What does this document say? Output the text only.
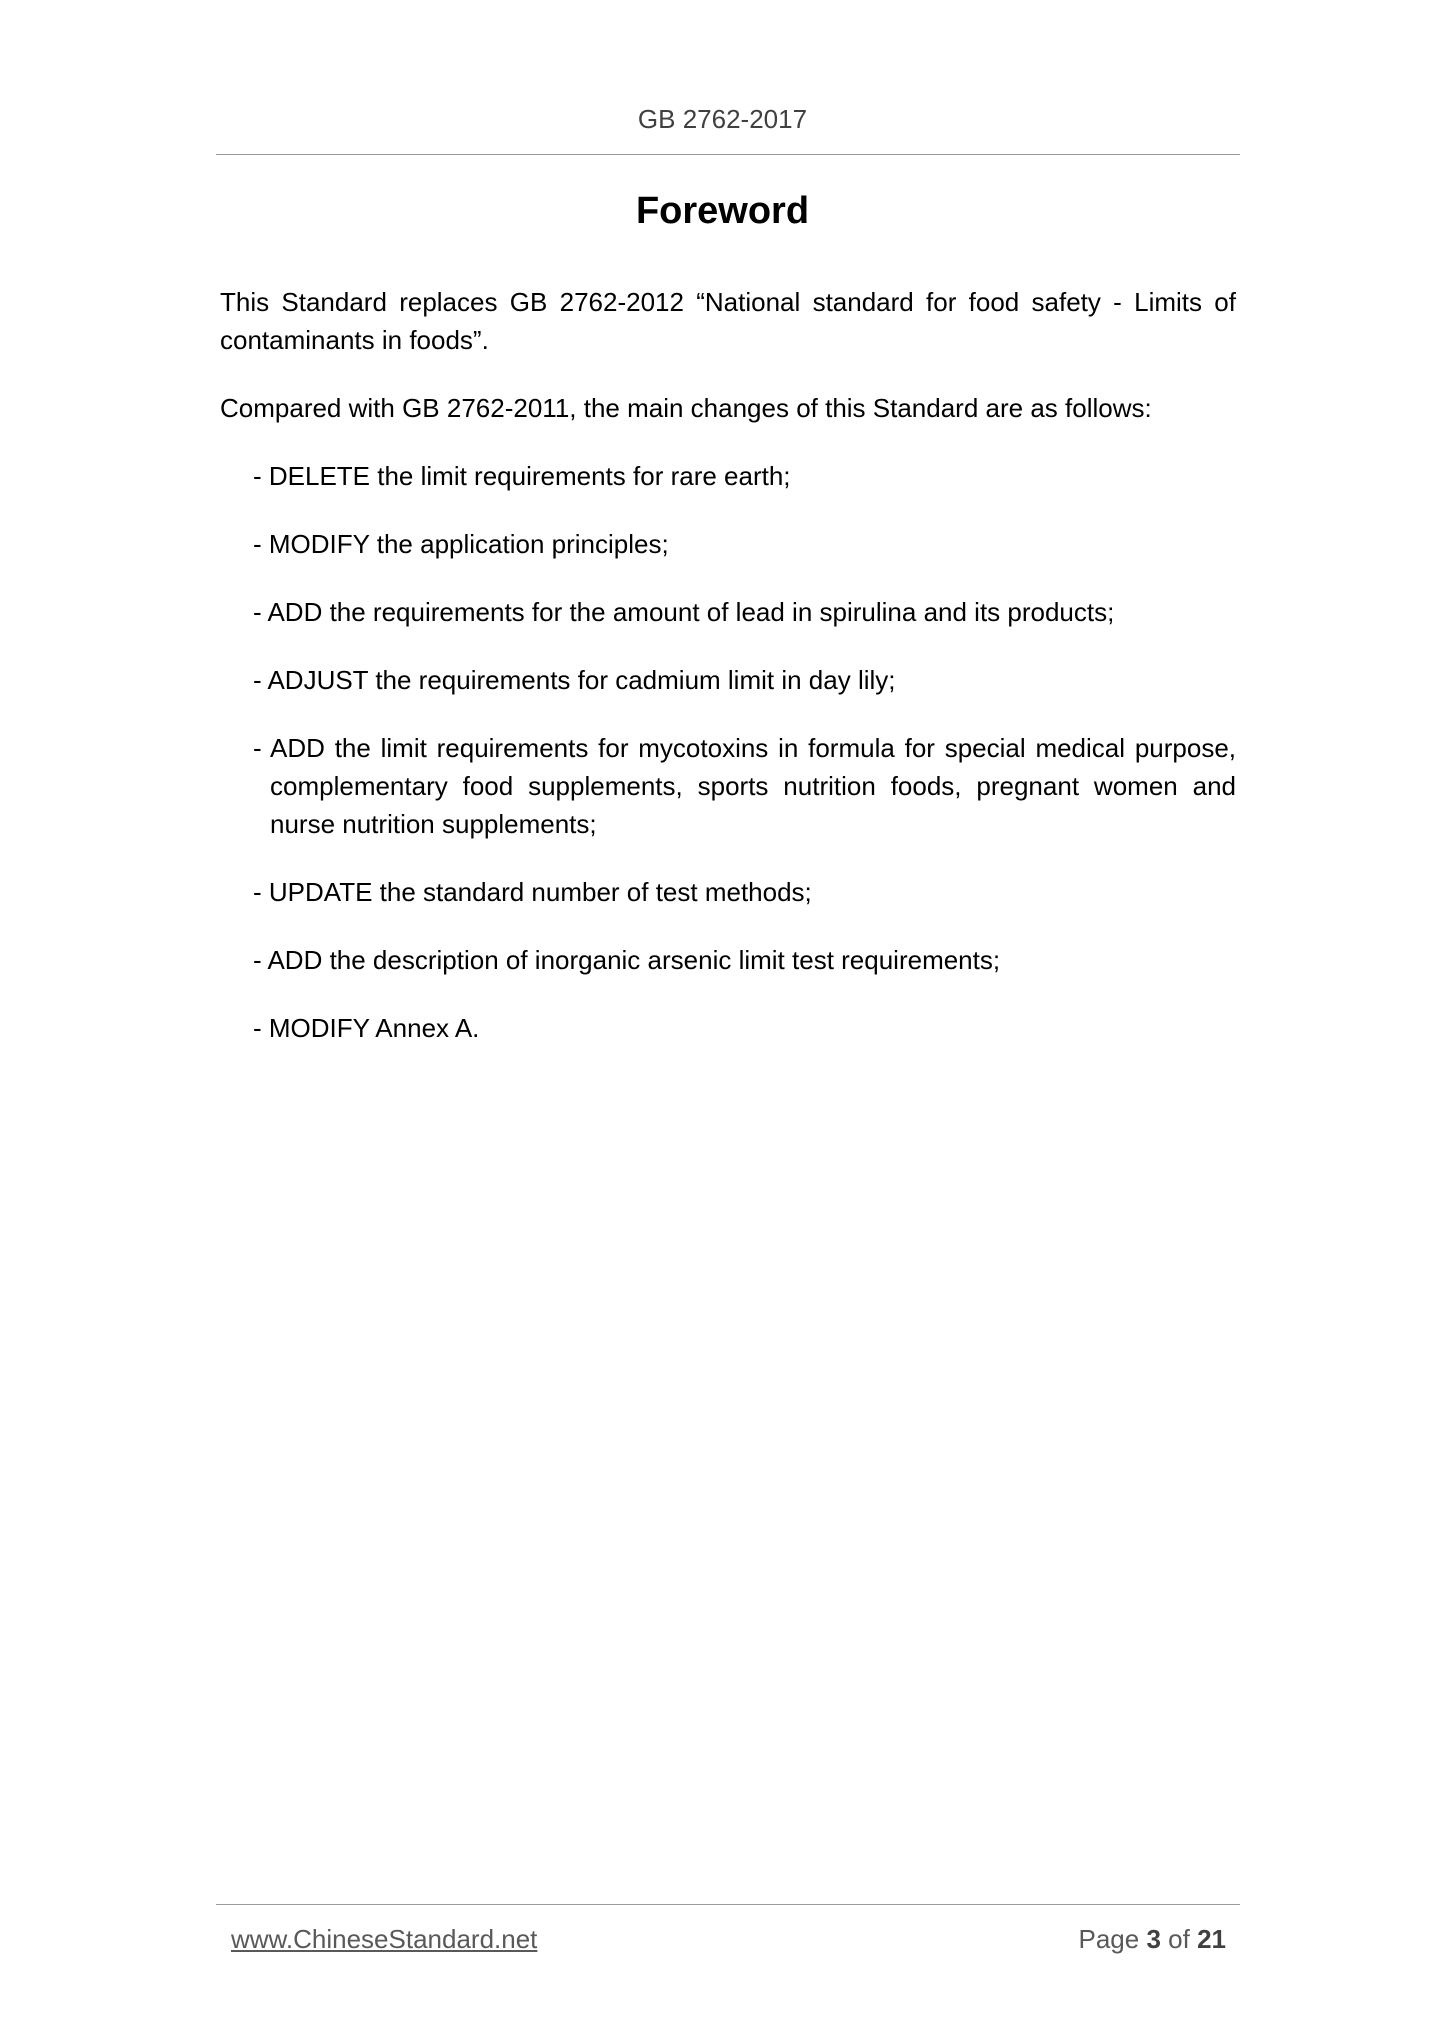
GB 2762-2017
Foreword

This Standard replaces GB 2762-2012 “National standard for food safety - Limits of contaminants in foods”.

Compared with GB 2762-2011, the main changes of this Standard are as follows:

- DELETE the limit requirements for rare earth;
- MODIFY the application principles;
- ADD the requirements for the amount of lead in spirulina and its products;
- ADJUST the requirements for cadmium limit in day lily;
- ADD the limit requirements for mycotoxins in formula for special medical purpose, complementary food supplements, sports nutrition foods, pregnant women and nurse nutrition supplements;
- UPDATE the standard number of test methods;
- ADD the description of inorganic arsenic limit test requirements;
- MODIFY Annex A.
www.ChineseStandard.net	Page 3 of 21
